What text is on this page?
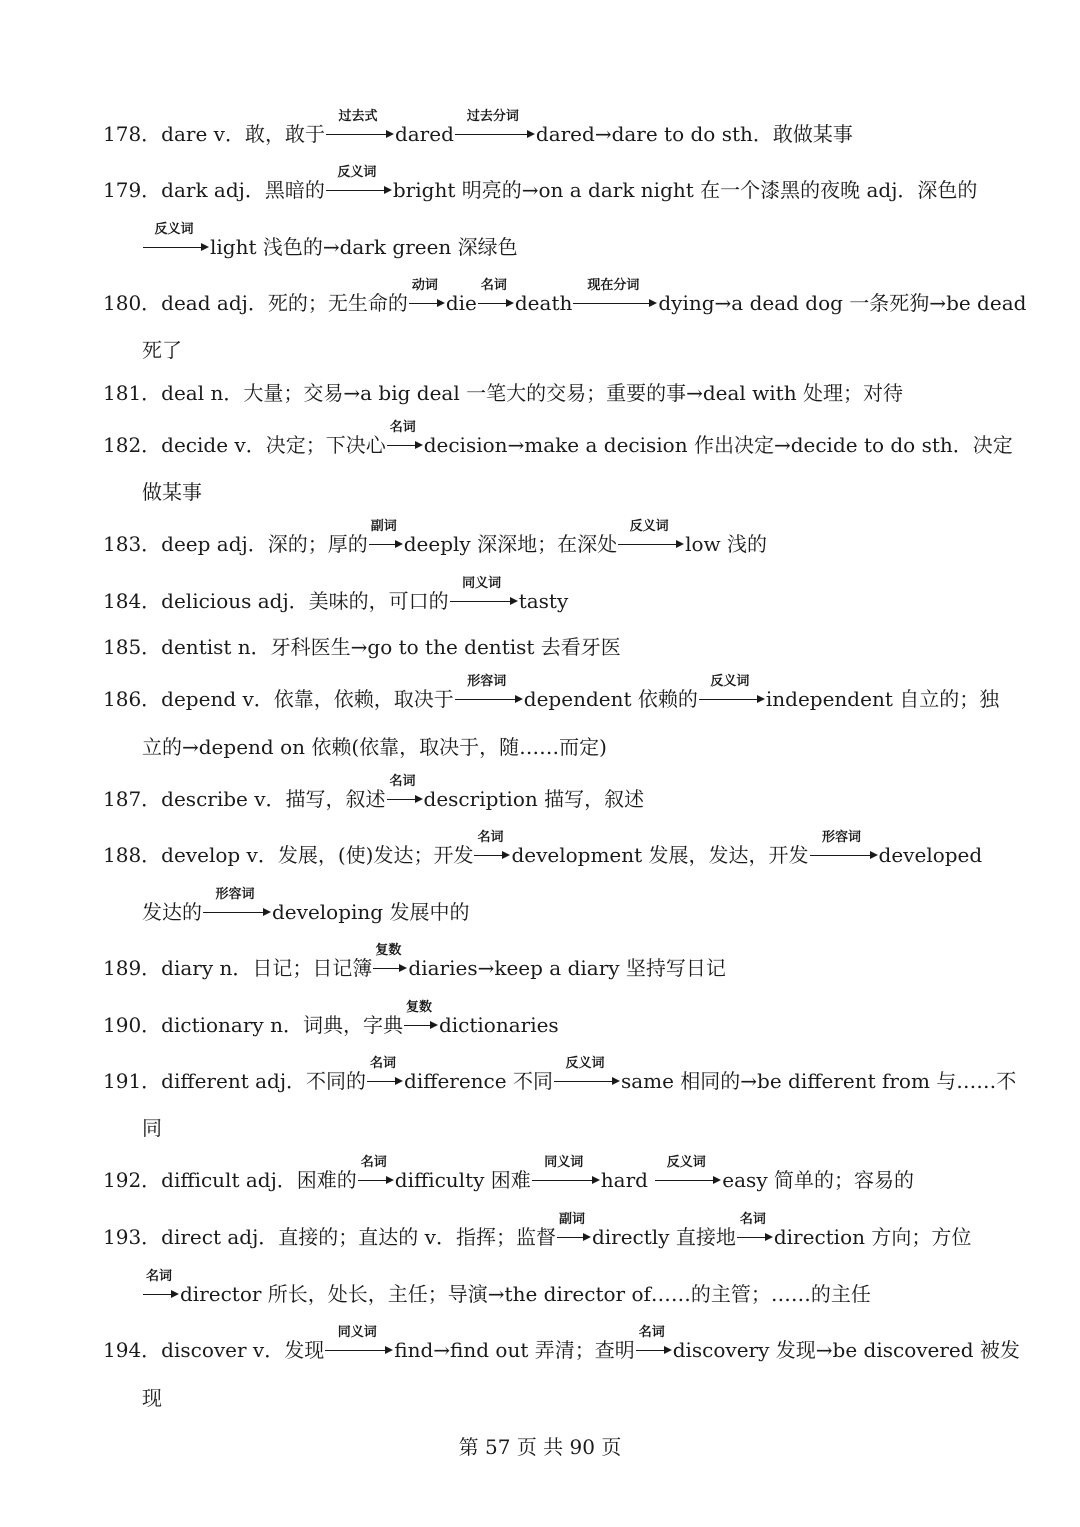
178．dare v．敢，敢于
过去式
dared
过去分词
dared→dare to do sth．敢做某事
179．dark adj．黑暗的
反义词
bright 明亮的→on a dark night 在一个漆黑的夜晚 adj．深色的
反义词
light 浅色的→dark green 深绿色
180．dead adj．死的；无生命的
动词
die
名词
death
现在分词
dying→a dead dog 一条死狗→be dead
死了
181．deal n．大量；交易→a big deal 一笔大的交易；重要的事→deal with 处理；对待
182．decide v．决定；下决心
名词
decision→make a decision 作出决定→decide to do sth．决定
做某事
183．deep adj．深的；厚的
副词
deeply 深深地；在深处
反义词
low 浅的
184．delicious adj．美味的，可口的
同义词
tasty
185．dentist n．牙科医生→go to the dentist 去看牙医
186．depend v．依靠，依赖，取决于
形容词
dependent 依赖的
反义词
independent 自立的；独
立的→depend on 依赖(依靠，取决于，随……而定)
187．describe v．描写，叙述
名词
description 描写，叙述
188．develop v．发展，(使)发达；开发
名词
development 发展，发达，开发
形容词
developed
发达的
形容词
developing 发展中的
189．diary n．日记；日记簿
复数
diaries→keep a diary 坚持写日记
190．dictionary n．词典，字典
复数
dictionaries
191．different adj．不同的
名词
difference 不同
反义词
same 相同的→be different from 与……不
同
192．difficult adj．困难的
名词
difficulty 困难
同义词
hard
反义词
easy 简单的；容易的
193．direct adj．直接的；直达的 v．指挥；监督
副词
directly 直接地
名词
direction 方向；方位
名词
director 所长，处长，主任；导演→the director of……的主管；……的主任
194．discover v．发现
同义词
find→find out 弄清；查明
名词
discovery 发现→be discovered 被发
现
第 57 页 共 90 页
